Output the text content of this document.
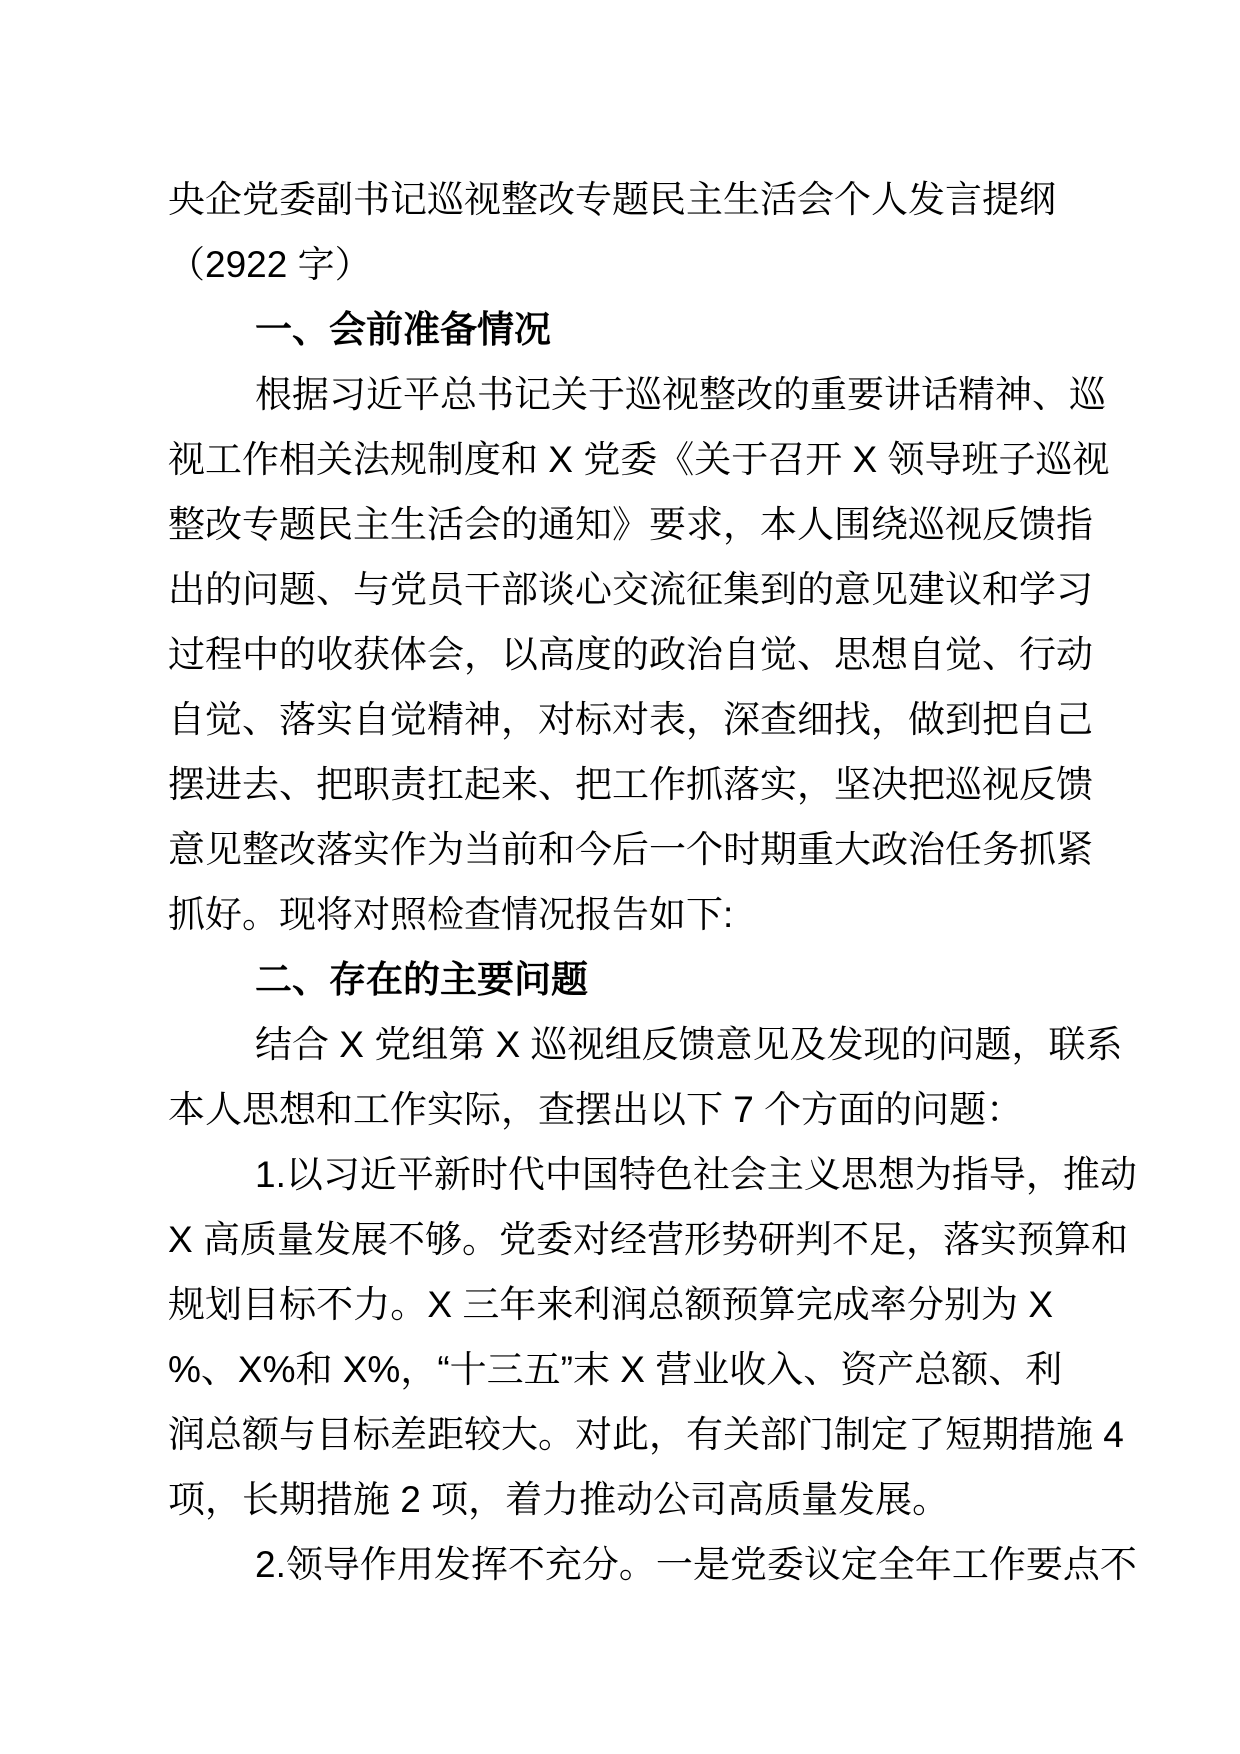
央企党委副书记巡视整改专题民主生活会个人发言提纲
（2922 字）
一、会前准备情况
根据习近平总书记关于巡视整改的重要讲话精神、巡
视工作相关法规制度和 X 党委《关于召开 X 领导班子巡视
整改专题民主生活会的通知》要求，本人围绕巡视反馈指
出的问题、与党员干部谈心交流征集到的意见建议和学习
过程中的收获体会，以高度的政治自觉、思想自觉、行动
自觉、落实自觉精神，对标对表，深查细找，做到把自己
摆进去、把职责扛起来、把工作抓落实，坚决把巡视反馈
意见整改落实作为当前和今后一个时期重大政治任务抓紧
抓好。现将对照检查情况报告如下:
二、存在的主要问题
结合 X 党组第 X 巡视组反馈意见及发现的问题，联系
本人思想和工作实际，查摆出以下 7 个方面的问题：
1.以习近平新时代中国特色社会主义思想为指导，推动
X 高质量发展不够。党委对经营形势研判不足，落实预算和
规划目标不力。X 三年来利润总额预算完成率分别为 X
%、X%和 X%，“十三五”末 X 营业收入、资产总额、利
润总额与目标差距较大。对此，有关部门制定了短期措施 4
项，长期措施 2 项，着力推动公司高质量发展。
2.领导作用发挥不充分。一是党委议定全年工作要点不
